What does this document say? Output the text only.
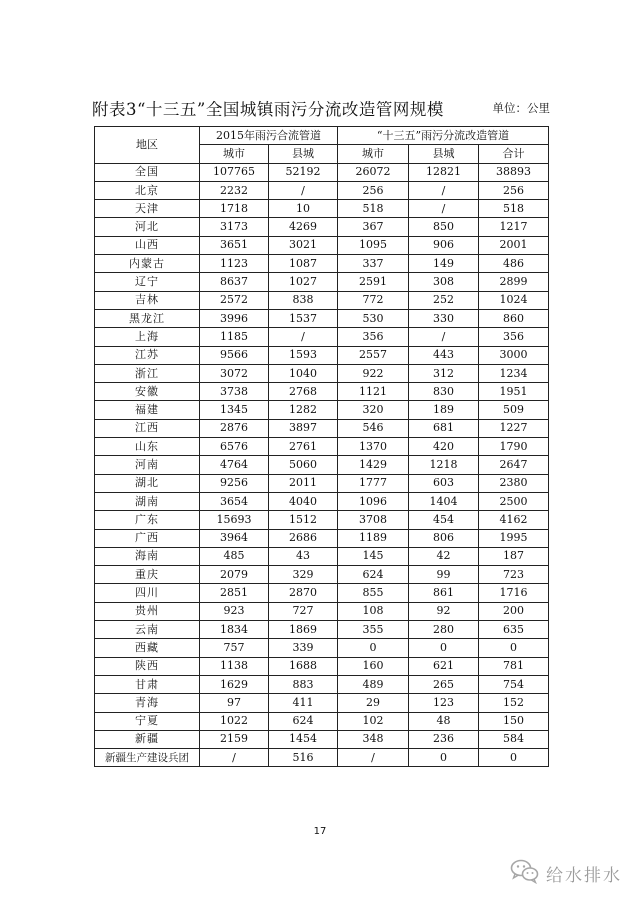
附表3“十三五”全国城镇雨污分流改造管网规模	单位：公里
地区	2015年雨污合流管道		“十三五”雨污分流改造管道		
	城市	县城	城市	县城	合计
全国	107765	52192	26072	12821	38893
北京	2232	/	256	/	256
天津	1718	10	518	/	518
河北	3173	4269	367	850	1217
山西	3651	3021	1095	906	2001
内蒙古	1123	1087	337	149	486
辽宁	8637	1027	2591	308	2899
吉林	2572	838	772	252	1024
黑龙江	3996	1537	530	330	860
上海	1185	/	356	/	356
江苏	9566	1593	2557	443	3000
浙江	3072	1040	922	312	1234
安徽	3738	2768	1121	830	1951
福建	1345	1282	320	189	509
江西	2876	3897	546	681	1227
山东	6576	2761	1370	420	1790
河南	4764	5060	1429	1218	2647
湖北	9256	2011	1777	603	2380
湖南	3654	4040	1096	1404	2500
广东	15693	1512	3708	454	4162
广西	3964	2686	1189	806	1995
海南	485	43	145	42	187
重庆	2079	329	624	99	723
四川	2851	2870	855	861	1716
贵州	923	727	108	92	200
云南	1834	1869	355	280	635
西藏	757	339	0	0	0
陕西	1138	1688	160	621	781
甘肃	1629	883	489	265	754
青海	97	411	29	123	152
宁夏	1022	624	102	48	150
新疆	2159	1454	348	236	584
新疆生产建设兵团	/	516	/	0	0
17
给水排水
